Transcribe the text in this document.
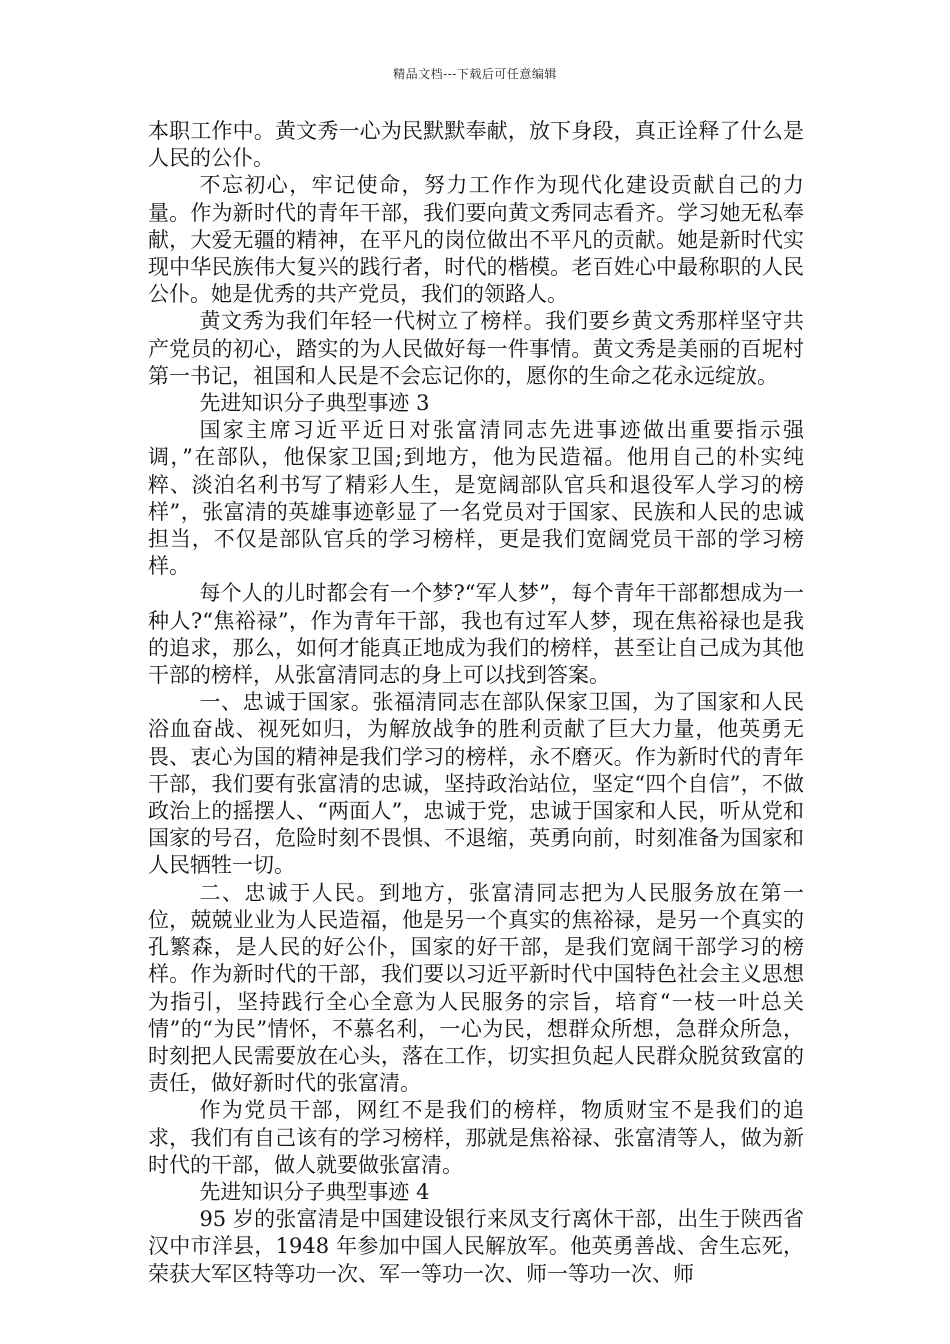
精品文档---下载后可任意编辑

本职工作中。黄文秀一心为民默默奉献，放下身段，真正诠释了什么是人民的公仆。

不忘初心，牢记使命，努力工作作为现代化建设贡献自己的力量。作为新时代的青年干部，我们要向黄文秀同志看齐。学习她无私奉献，大爱无疆的精神，在平凡的岗位做出不平凡的贡献。她是新时代实现中华民族伟大复兴的践行者，时代的楷模。老百姓心中最称职的人民公仆。她是优秀的共产党员，我们的领路人。

黄文秀为我们年轻一代树立了榜样。我们要乡黄文秀那样坚守共产党员的初心，踏实的为人民做好每一件事情。黄文秀是美丽的百坭村第一书记，祖国和人民是不会忘记你的，愿你的生命之花永远绽放。

先进知识分子典型事迹 3

国家主席习近平近日对张富清同志先进事迹做出重要指示强调，”在部队，他保家卫国;到地方，他为民造福。他用自己的朴实纯粹、淡泊名利书写了精彩人生，是宽阔部队官兵和退役军人学习的榜样”，张富清的英雄事迹彰显了一名党员对于国家、民族和人民的忠诚担当，不仅是部队官兵的学习榜样，更是我们宽阔党员干部的学习榜样。

每个人的儿时都会有一个梦?“军人梦”，每个青年干部都想成为一种人?“焦裕禄”，作为青年干部，我也有过军人梦，现在焦裕禄也是我的追求，那么，如何才能真正地成为我们的榜样，甚至让自己成为其他干部的榜样，从张富清同志的身上可以找到答案。

一、忠诚于国家。张福清同志在部队保家卫国，为了国家和人民浴血奋战、视死如归，为解放战争的胜利贡献了巨大力量，他英勇无畏、衷心为国的精神是我们学习的榜样，永不磨灭。作为新时代的青年干部，我们要有张富清的忠诚，坚持政治站位，坚定“四个自信”，不做政治上的摇摆人、“两面人”，忠诚于党，忠诚于国家和人民，听从党和国家的号召，危险时刻不畏惧、不退缩，英勇向前，时刻准备为国家和人民牺牲一切。

二、忠诚于人民。到地方，张富清同志把为人民服务放在第一位，兢兢业业为人民造福，他是另一个真实的焦裕禄，是另一个真实的孔繁森，是人民的好公仆，国家的好干部，是我们宽阔干部学习的榜样。作为新时代的干部，我们要以习近平新时代中国特色社会主义思想为指引，坚持践行全心全意为人民服务的宗旨，培育“一枝一叶总关情”的“为民”情怀，不慕名利，一心为民，想群众所想，急群众所急，时刻把人民需要放在心头，落在工作，切实担负起人民群众脱贫致富的责任，做好新时代的张富清。

作为党员干部，网红不是我们的榜样，物质财宝不是我们的追求，我们有自己该有的学习榜样，那就是焦裕禄、张富清等人，做为新时代的干部，做人就要做张富清。

先进知识分子典型事迹 4

95 岁的张富清是中国建设银行来凤支行离休干部，出生于陕西省汉中市洋县，1948 年参加中国人民解放军。他英勇善战、舍生忘死，荣获大军区特等功一次、军一等功一次、师一等功一次、师
